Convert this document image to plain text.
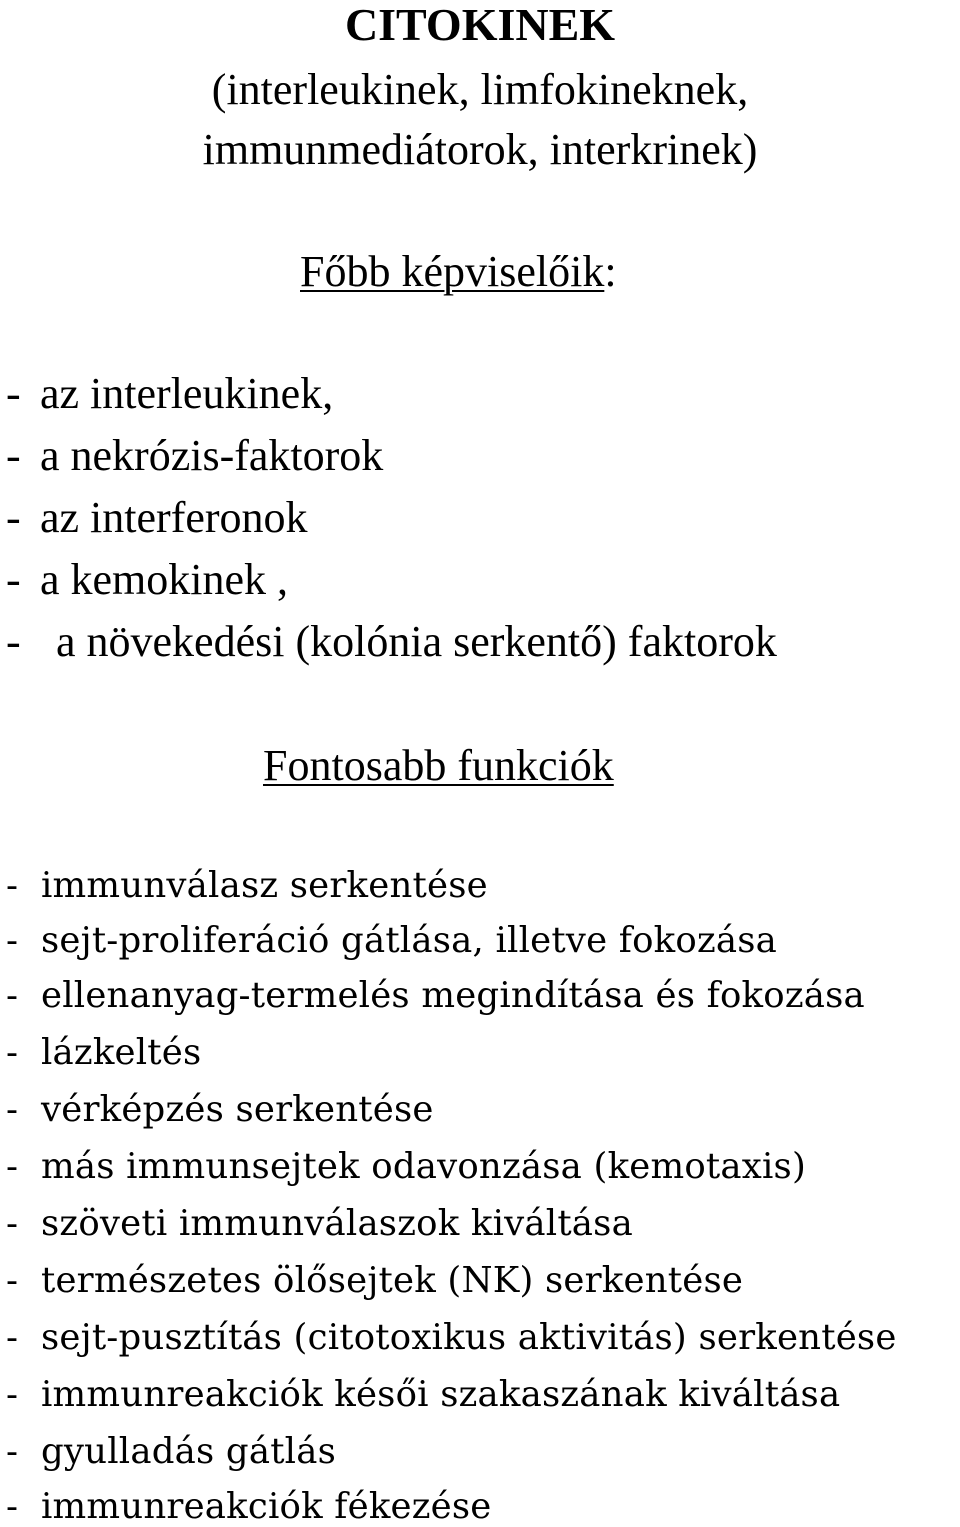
CITOKINEK
(interleukinek, limfokineknek,
immunmediátorok, interkrinek)
Főbb képviselőik:
- az interleukinek,
- a nekrózis-faktorok
- az interferonok
- a kemokinek ,
- a növekedési (kolónia serkentő) faktorok
Fontosabb funkciók
- immunválasz serkentése
- sejt-proliferáció gátlása, illetve fokozása
- ellenanyag-termelés megindítása és fokozása
- lázkeltés
- vérképzés serkentése
- más immunsejtek odavonzása (kemotaxis)
- szöveti immunválaszok kiváltása
- természetes ölősejtek (NK) serkentése
- sejt-pusztítás (citotoxikus aktivitás) serkentése
- immunreakciók késői szakaszának kiváltása
- gyulladás gátlás
- immunreakciók fékezése
